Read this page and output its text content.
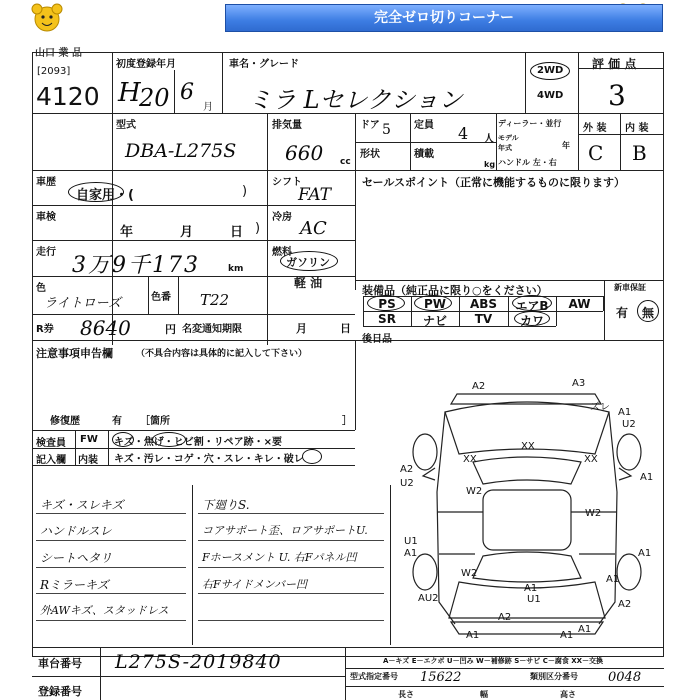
完全ゼロ切りコーナー
山口 業 品
[2093]
4120
初度登録年月
H
20 6
月
車名・グレード
ミラ Lセレクション
2WD
4WD
評 価 点
3
型式
DBA-L275S
排気量
660 cc
ドア 5 定員 4 人
形状	積載
kg
ディーラー・並行
モデル年式	年
ハンドル 左・右
外 装 内 装
C B
車歴
自家用・(	)
シフト
FAT
車検
年	月	日 )
冷房
AC
走行
3万9千173	km
燃料
ガソリン
軽 油
色
ライトローズ	色番 T22
R券 8640	円 名変通知期限	月	日
セールスポイント（正常に機能するものに限ります）
装備品（純正品に限り○をください）	新車保証
有 無
PS	PW	ABS	エアB	AW
SR	ナビ	TV	カワ
後日品
注意事項申告欄	（不具合内容は具体的に記入して下さい）
修復歴	有 ［箇所	］
検査員
記入欄
FW
内装
キズ・焦げ・ヒビ割・リペア跡・×要
キズ・汚レ・コゲ・穴・スレ・キレ・破レ
キズ・スレキズ
ハンドルスレ
シートヘタリ
Rミラーキズ
外AWキズ、スタッドレス
下廻りS.
コアサポート歪、ロアサポートU.
Fホースメント U. 右Fパネル凹
右Fサイドメンバー凹
A2	A3
ズレ A1
U2
XX
XX	XX
W2
W2
A2
U2
A1
U1
A1
W2
A1
A1
AU2
A2
A1	A1
A2
A1
A1
U1
車台番号 L275S-2019840
登録番号
A－キズ E－エクボ U－凹み W－補修跡 S－サビ C－腐食 XX－交換
型式指定番号 15622	類別区分番号 0048
長さ	幅	高さ
